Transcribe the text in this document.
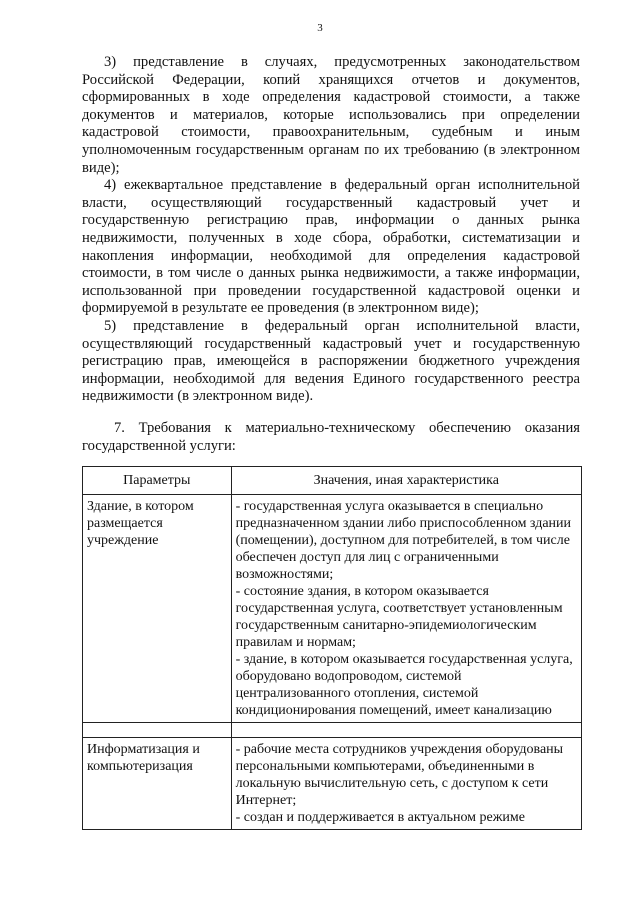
3

3) представление в случаях, предусмотренных законодательством Российской Федерации, копий хранящихся отчетов и документов, сформированных в ходе определения кадастровой стоимости, а также документов и материалов, которые использовались при определении кадастровой стоимости, правоохранительным, судебным и иным уполномоченным государственным органам по их требованию (в электронном виде);

4) ежеквартальное представление в федеральный орган исполнительной власти, осуществляющий государственный кадастровый учет и государственную регистрацию прав, информации о данных рынка недвижимости, полученных в ходе сбора, обработки, систематизации и накопления информации, необходимой для определения кадастровой стоимости, в том числе о данных рынка недвижимости, а также информации, использованной при проведении государственной кадастровой оценки и формируемой в результате ее проведения (в электронном виде);

5) представление в федеральный орган исполнительной власти, осуществляющий государственный кадастровый учет и государственную регистрацию прав, имеющейся в распоряжении бюджетного учреждения информации, необходимой для ведения Единого государственного реестра недвижимости (в электронном виде).

7. Требования к материально-техническому обеспечению оказания государственной услуги:

Параметры	Значения, иная характеристика
Здание, в котором размещается учреждение	- государственная услуга оказывается в специально предназначенном здании либо приспособленном здании (помещении), доступном для потребителей, в том числе обеспечен доступ для лиц с ограниченными возможностями;
- состояние здания, в котором оказывается государственная услуга, соответствует установленным государственным санитарно-эпидемиологическим правилам и нормам;
- здание, в котором оказывается государственная услуга, оборудовано водопроводом, системой централизованного отопления, системой кондиционирования помещений, имеет канализацию

Информатизация и компьютеризация	- рабочие места сотрудников учреждения оборудованы персональными компьютерами, объединенными в локальную вычислительную сеть, с доступом к сети Интернет;
- создан и поддерживается в актуальном режиме
